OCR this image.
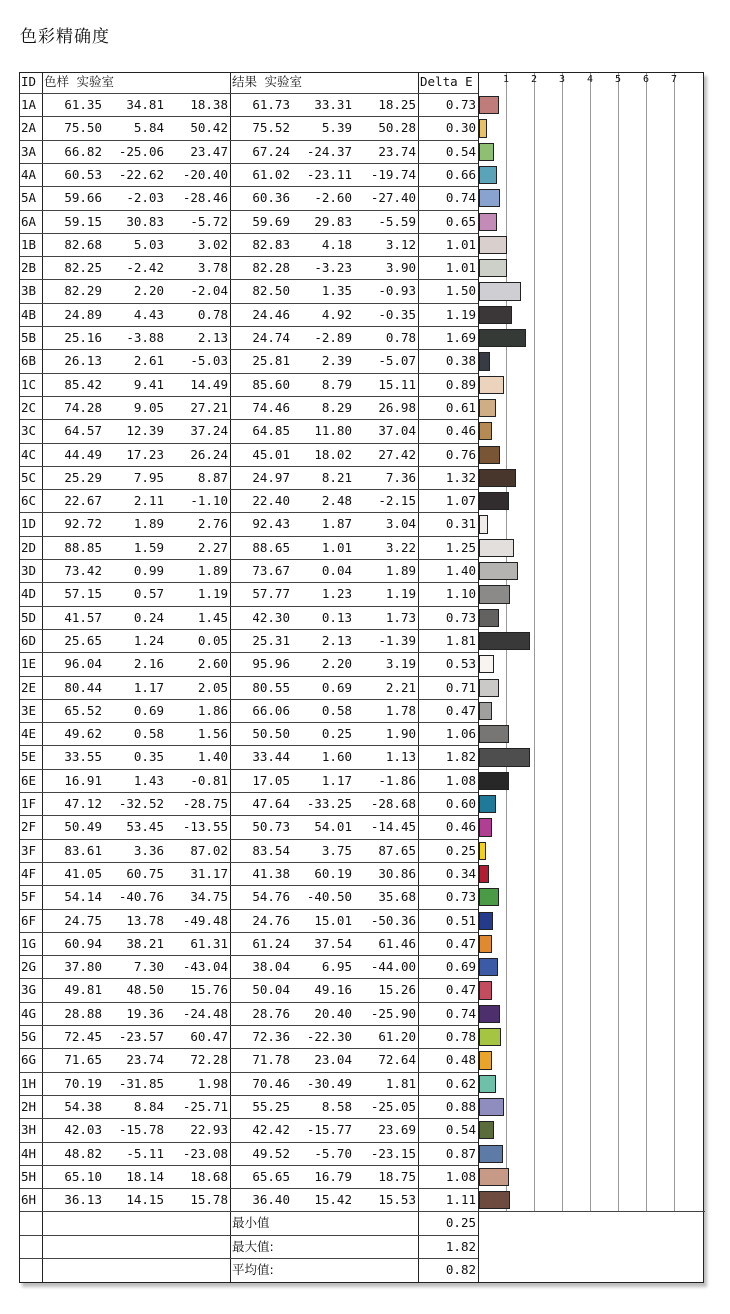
色彩精确度
1 2 3 4 5 6 7
ID 色样 实验室	结果 实验室	Delta E
1A	61.35	34.81	18.38	61.73	33.31	18.25	0.73
2A	75.50	5.84	50.42	75.52	5.39	50.28	0.30
3A	66.82	-25.06	23.47	67.24	-24.37	23.74	0.54
4A	60.53	-22.62	-20.40	61.02	-23.11	-19.74	0.66
5A	59.66	-2.03	-28.46	60.36	-2.60	-27.40	0.74
6A	59.15	30.83	-5.72	59.69	29.83	-5.59	0.65
1B	82.68	5.03	3.02	82.83	4.18	3.12	1.01
2B	82.25	-2.42	3.78	82.28	-3.23	3.90	1.01
3B	82.29	2.20	-2.04	82.50	1.35	-0.93	1.50
4B	24.89	4.43	0.78	24.46	4.92	-0.35	1.19
5B	25.16	-3.88	2.13	24.74	-2.89	0.78	1.69
6B	26.13	2.61	-5.03	25.81	2.39	-5.07	0.38
1C	85.42	9.41	14.49	85.60	8.79	15.11	0.89
2C	74.28	9.05	27.21	74.46	8.29	26.98	0.61
3C	64.57	12.39	37.24	64.85	11.80	37.04	0.46
4C	44.49	17.23	26.24	45.01	18.02	27.42	0.76
5C	25.29	7.95	8.87	24.97	8.21	7.36	1.32
6C	22.67	2.11	-1.10	22.40	2.48	-2.15	1.07
1D	92.72	1.89	2.76	92.43	1.87	3.04	0.31
2D	88.85	1.59	2.27	88.65	1.01	3.22	1.25
3D	73.42	0.99	1.89	73.67	0.04	1.89	1.40
4D	57.15	0.57	1.19	57.77	1.23	1.19	1.10
5D	41.57	0.24	1.45	42.30	0.13	1.73	0.73
6D	25.65	1.24	0.05	25.31	2.13	-1.39	1.81
1E	96.04	2.16	2.60	95.96	2.20	3.19	0.53
2E	80.44	1.17	2.05	80.55	0.69	2.21	0.71
3E	65.52	0.69	1.86	66.06	0.58	1.78	0.47
4E	49.62	0.58	1.56	50.50	0.25	1.90	1.06
5E	33.55	0.35	1.40	33.44	1.60	1.13	1.82
6E	16.91	1.43	-0.81	17.05	1.17	-1.86	1.08
1F	47.12	-32.52	-28.75	47.64	-33.25	-28.68	0.60
2F	50.49	53.45	-13.55	50.73	54.01	-14.45	0.46
3F	83.61	3.36	87.02	83.54	3.75	87.65	0.25
4F	41.05	60.75	31.17	41.38	60.19	30.86	0.34
5F	54.14	-40.76	34.75	54.76	-40.50	35.68	0.73
6F	24.75	13.78	-49.48	24.76	15.01	-50.36	0.51
1G	60.94	38.21	61.31	61.24	37.54	61.46	0.47
2G	37.80	7.30	-43.04	38.04	6.95	-44.00	0.69
3G	49.81	48.50	15.76	50.04	49.16	15.26	0.47
4G	28.88	19.36	-24.48	28.76	20.40	-25.90	0.74
5G	72.45	-23.57	60.47	72.36	-22.30	61.20	0.78
6G	71.65	23.74	72.28	71.78	23.04	72.64	0.48
1H	70.19	-31.85	1.98	70.46	-30.49	1.81	0.62
2H	54.38	8.84	-25.71	55.25	8.58	-25.05	0.88
3H	42.03	-15.78	22.93	42.42	-15.77	23.69	0.54
4H	48.82	-5.11	-23.08	49.52	-5.70	-23.15	0.87
5H	65.10	18.14	18.68	65.65	16.79	18.75	1.08
6H	36.13	14.15	15.78	36.40	15.42	15.53	1.11
最小值	0.25
最大值:	1.82
平均值:	0.82
